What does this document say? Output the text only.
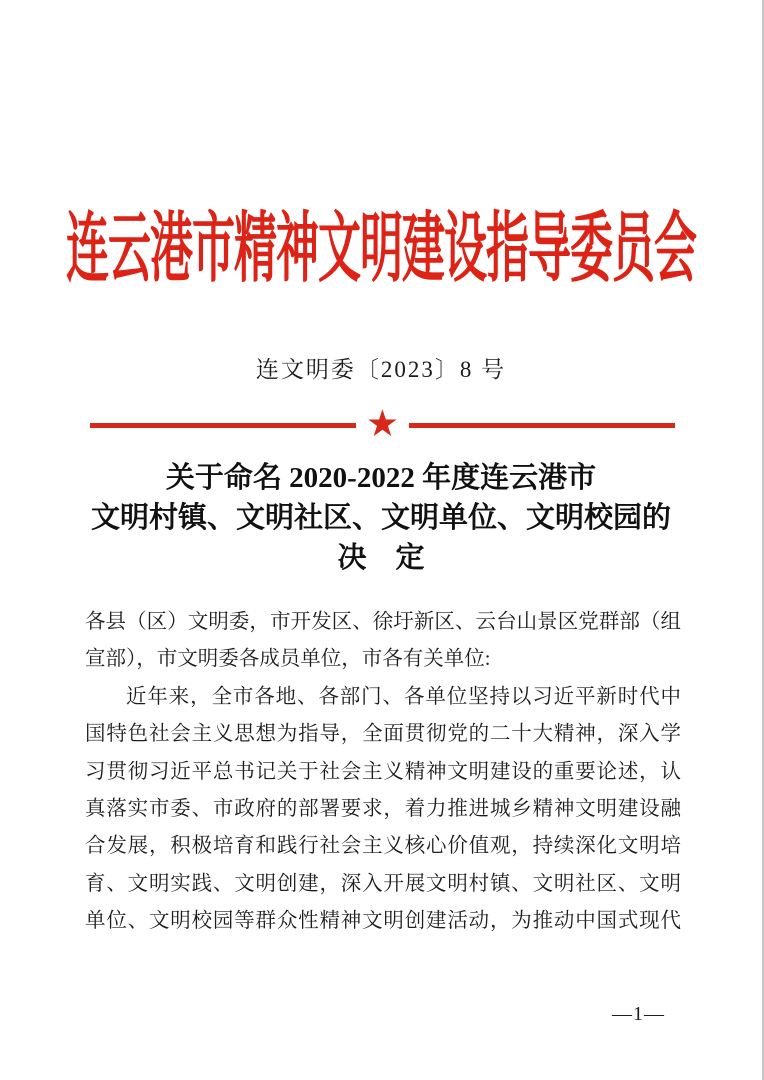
连云港市精神文明建设指导委员会
连文明委〔2023〕8 号
★
关于命名 2020-2022 年度连云港市
文明村镇、文明社区、文明单位、文明校园的
决　定
各县（区）文明委，市开发区、徐圩新区、云台山景区党群部（组
宣部），市文明委各成员单位，市各有关单位:
近年来，全市各地、各部门、各单位坚持以习近平新时代中
国特色社会主义思想为指导，全面贯彻党的二十大精神，深入学
习贯彻习近平总书记关于社会主义精神文明建设的重要论述，认
真落实市委、市政府的部署要求，着力推进城乡精神文明建设融
合发展，积极培育和践行社会主义核心价值观，持续深化文明培
育、文明实践、文明创建，深入开展文明村镇、文明社区、文明
单位、文明校园等群众性精神文明创建活动，为推动中国式现代
—1—
